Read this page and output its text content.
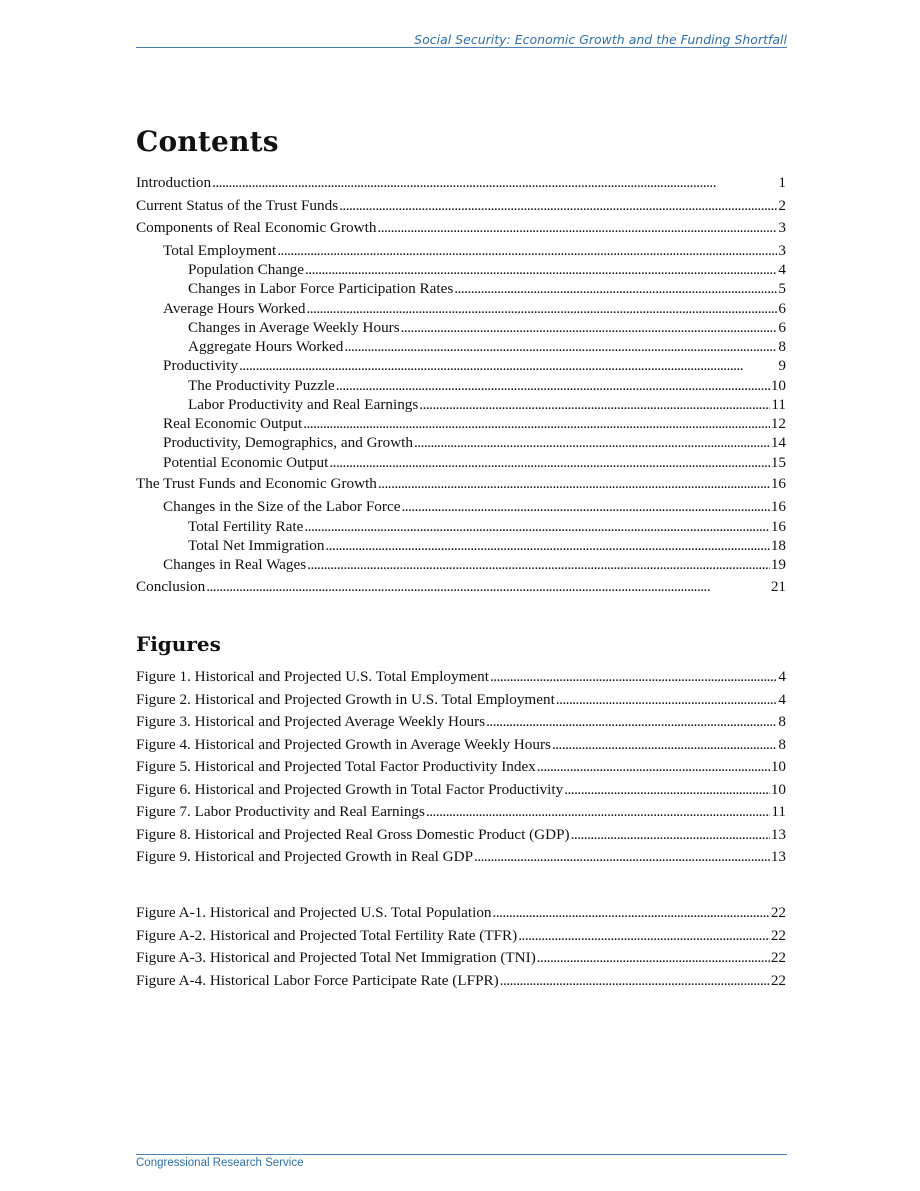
Social Security: Economic Growth and the Funding Shortfall
Contents
Introduction . . .	1
Current Status of the Trust Funds . . .	2
Components of Real Economic Growth . . .	3
Total Employment . . .	3
Population Change . . .	4
Changes in Labor Force Participation Rates . . .	5
Average Hours Worked . . .	6
Changes in Average Weekly Hours . . .	6
Aggregate Hours Worked . . .	8
Productivity . . .	9
The Productivity Puzzle . . .	10
Labor Productivity and Real Earnings . . .	11
Real Economic Output . . .	12
Productivity, Demographics, and Growth . . .	14
Potential Economic Output . . .	15
The Trust Funds and Economic Growth . . .	16
Changes in the Size of the Labor Force . . .	16
Total Fertility Rate . . .	16
Total Net Immigration . . .	18
Changes in Real Wages . . .	19
Conclusion . . .	21
Figures
Figure 1. Historical and Projected U.S. Total Employment . . .	4
Figure 2. Historical and Projected Growth in U.S. Total Employment . . .	4
Figure 3. Historical and Projected Average Weekly Hours . . .	8
Figure 4. Historical and Projected Growth in Average Weekly Hours . . .	8
Figure 5. Historical and Projected Total Factor Productivity Index . . .	10
Figure 6. Historical and Projected Growth in Total Factor Productivity . . .	10
Figure 7. Labor Productivity and Real Earnings . . .	11
Figure 8. Historical and Projected Real Gross Domestic Product (GDP) . . .	13
Figure 9. Historical and Projected Growth in Real GDP . . .	13
Figure A-1. Historical and Projected U.S. Total Population . . .	22
Figure A-2. Historical and Projected Total Fertility Rate (TFR) . . .	22
Figure A-3. Historical and Projected Total Net Immigration (TNI) . . .	22
Figure A-4. Historical Labor Force Participate Rate (LFPR) . . .	22
Congressional Research Service
